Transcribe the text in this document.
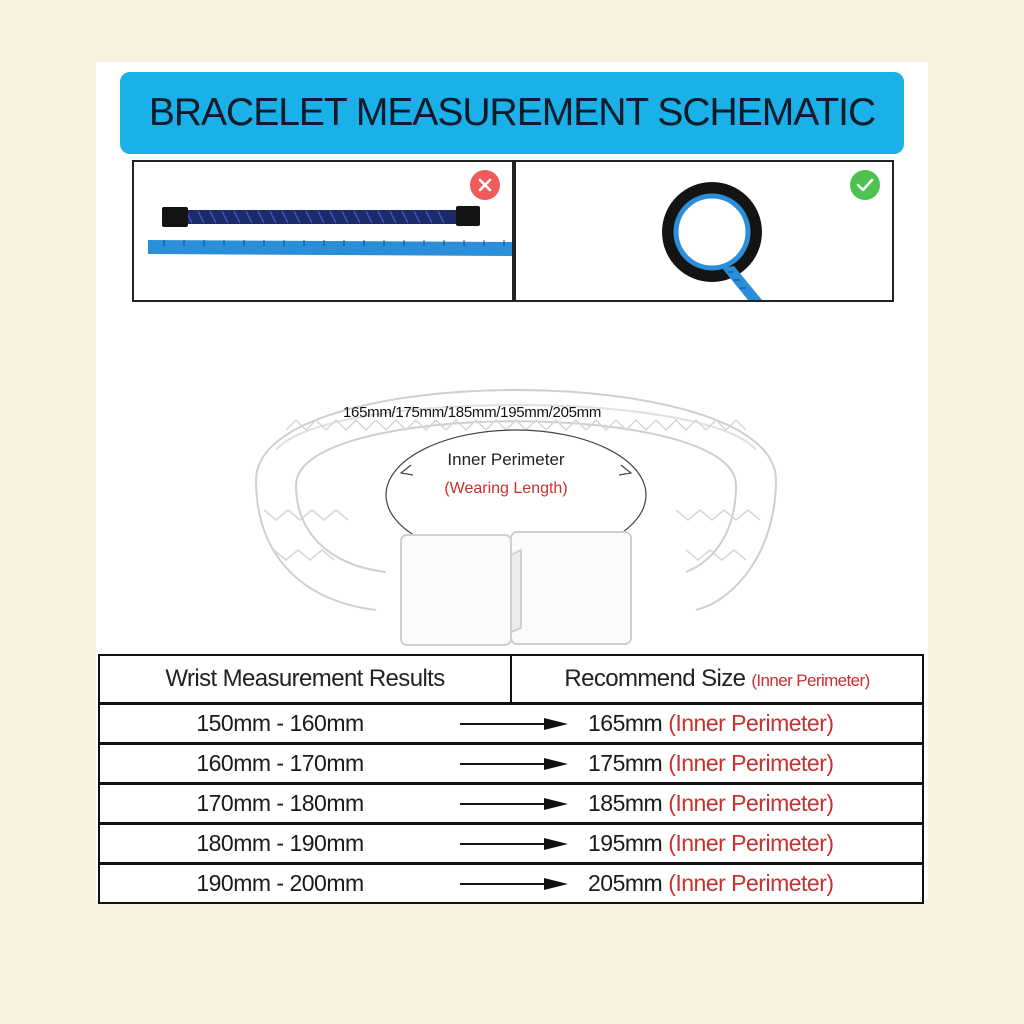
BRACELET MEASUREMENT SCHEMATIC
165mm/175mm/185mm/195mm/205mm
Inner Perimeter
(Wearing Length)
Wrist Measurement Results	Recommend Size (Inner Perimeter)
150mm - 160mm	165mm (Inner Perimeter)
160mm - 170mm	175mm (Inner Perimeter)
170mm - 180mm	185mm (Inner Perimeter)
180mm - 190mm	195mm (Inner Perimeter)
190mm - 200mm	205mm (Inner Perimeter)
